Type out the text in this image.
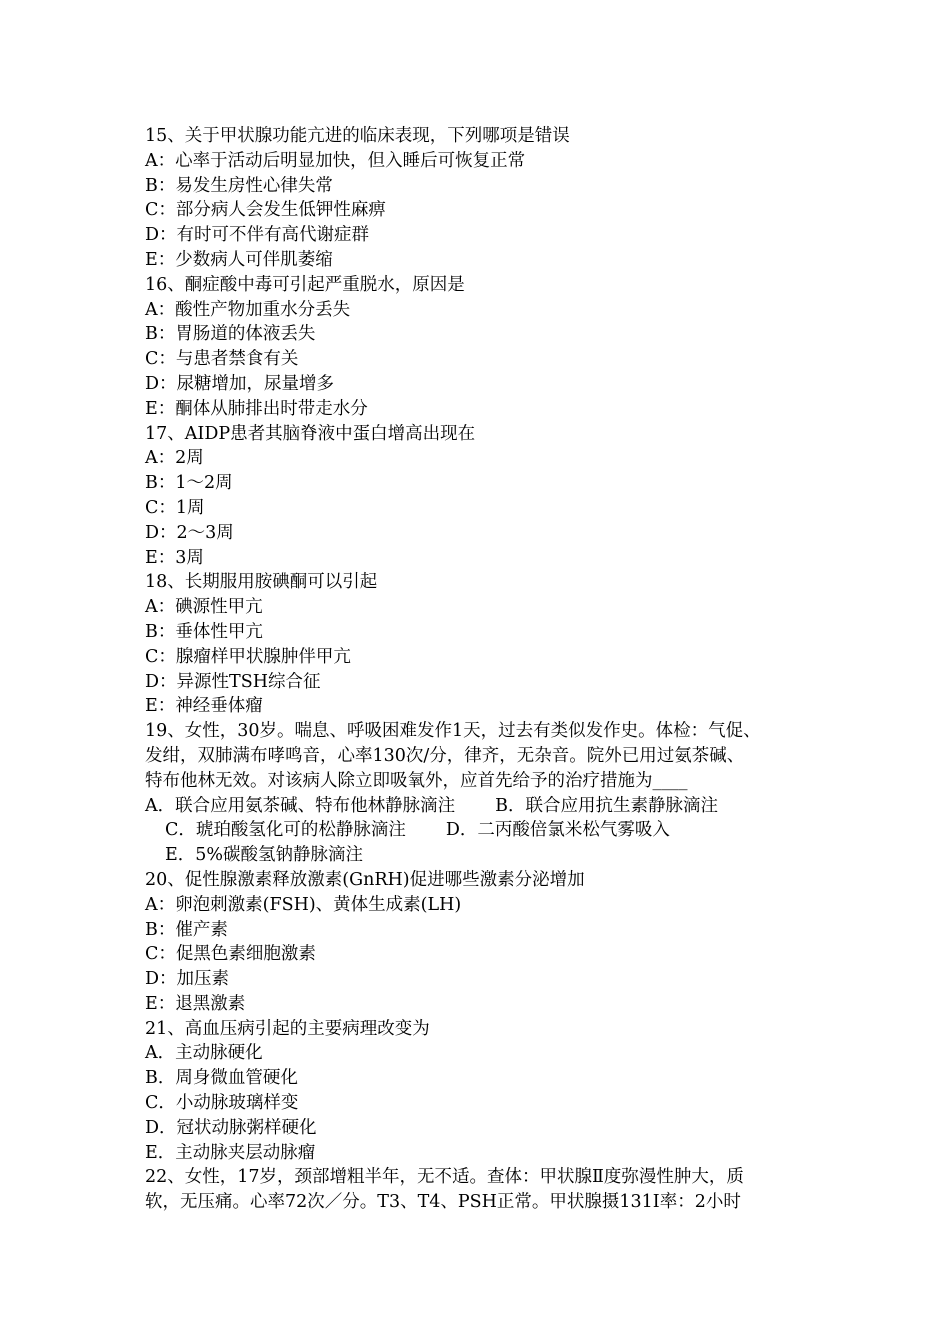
15、关于甲状腺功能亢进的临床表现，下列哪项是错误
A：心率于活动后明显加快，但入睡后可恢复正常
B：易发生房性心律失常
C：部分病人会发生低钾性麻痹
D：有时可不伴有高代谢症群
E：少数病人可伴肌萎缩
16、酮症酸中毒可引起严重脱水，原因是
A：酸性产物加重水分丢失
B：胃肠道的体液丢失
C：与患者禁食有关
D：尿糖增加，尿量增多
E：酮体从肺排出时带走水分
17、AIDP患者其脑脊液中蛋白增高出现在
A：2周
B：1～2周
C：1周
D：2～3周
E：3周
18、长期服用胺碘酮可以引起
A：碘源性甲亢
B：垂体性甲亢
C：腺瘤样甲状腺肿伴甲亢
D：异源性TSH综合征
E：神经垂体瘤
19、女性，30岁。喘息、呼吸困难发作1天，过去有类似发作史。体检：气促、
发绀，双肺满布哮鸣音，心率130次/分，律齐，无杂音。院外已用过氨茶碱、
特布他林无效。对该病人除立即吸氧外，应首先给予的治疗措施为____
A．联合应用氨茶碱、特布他林静脉滴注 B．联合应用抗生素静脉滴注
C．琥珀酸氢化可的松静脉滴注 D．二丙酸倍氯米松气雾吸入
E．5%碳酸氢钠静脉滴注
20、促性腺激素释放激素(GnRH)促进哪些激素分泌增加
A：卵泡刺激素(FSH)、黄体生成素(LH)
B：催产素
C：促黑色素细胞激素
D：加压素
E：退黑激素
21、高血压病引起的主要病理改变为
A．主动脉硬化
B．周身微血管硬化
C．小动脉玻璃样变
D．冠状动脉粥样硬化
E．主动脉夹层动脉瘤
22、女性，17岁，颈部增粗半年，无不适。查体：甲状腺Ⅱ度弥漫性肿大，质
软，无压痛。心率72次／分。T3、T4、PSH正常。甲状腺摄131I率：2小时
